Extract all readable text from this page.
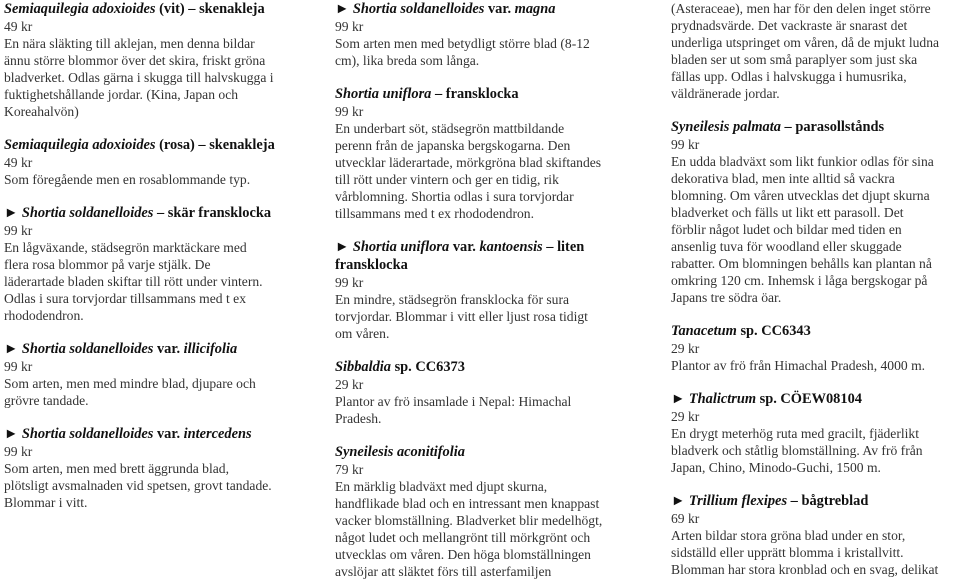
Semiaquilegia adoxioides (vit) – skenakleja
49 kr
En nära släkting till aklejan, men denna bildar
ännu större blommor över det skira, friskt gröna
bladverket. Odlas gärna i skugga till halvskugga i
fuktighetshållande jordar. (Kina, Japan och
Koreahalvön)
Semiaquilegia adoxioides (rosa) – skenakleja
49 kr
Som föregående men en rosablommande typ.
► Shortia soldanelloides – skär fransklocka
99 kr
En lågväxande, städsegrön marktäckare med
flera rosa blommor på varje stjälk. De
läderartade bladen skiftar till rött under vintern.
Odlas i sura torvjordar tillsammans med t ex
rhododendron.
► Shortia soldanelloides var. illicifolia
99 kr
Som arten, men med mindre blad, djupare och
grövre tandade.
► Shortia soldanelloides var. intercedens
99 kr
Som arten, men med brett äggrunda blad,
plötsligt avsmalnaden vid spetsen, grovt tandade.
Blommar i vitt.
► Shortia soldanelloides var. magna
99 kr
Som arten men med betydligt större blad (8-12
cm), lika breda som långa.
Shortia uniflora – fransklocka
99 kr
En underbart söt, städsegrön mattbildande
perenn från de japanska bergskogarna. Den
utvecklar läderartade, mörkgröna blad skiftandes
till rött under vintern och ger en tidig, rik
vårblomning. Shortia odlas i sura torvjordar
tillsammans med t ex rhododendron.
► Shortia uniflora var. kantoensis – liten
fransklocka
99 kr
En mindre, städsegrön fransklocka för sura
torvjordar. Blommar i vitt eller ljust rosa tidigt
om våren.
Sibbaldia sp. CC6373
29 kr
Plantor av frö insamlade i Nepal: Himachal
Pradesh.
Syneilesis aconitifolia
79 kr
En märklig bladväxt med djupt skurna,
handflikade blad och en intressant men knappast
vacker blomställning. Bladverket blir medelhögt,
något ludet och mellangrönt till mörkgrönt och
utvecklas om våren. Den höga blomställningen
avslöjar att släktet förs till asterfamiljen
(Asteraceae), men har för den delen inget större
prydnadsvärde. Det vackraste är snarast det
underliga utspringet om våren, då de mjukt ludna
bladen ser ut som små paraplyer som just ska
fällas upp. Odlas i halvskugga i humusrika,
väldränerade jordar.
Syneilesis palmata – parasollstånds
99 kr
En udda bladväxt som likt funkior odlas för sina
dekorativa blad, men inte alltid så vackra
blomning. Om våren utvecklas det djupt skurna
bladverket och fälls ut likt ett parasoll. Det
förblir något ludet och bildar med tiden en
ansenlig tuva för woodland eller skuggade
rabatter. Om blomningen behålls kan plantan nå
omkring 120 cm. Inhemsk i låga bergskogar på
Japans tre södra öar.
Tanacetum sp. CC6343
29 kr
Plantor av frö från Himachal Pradesh, 4000 m.
► Thalictrum sp. CÖEW08104
29 kr
En drygt meterhög ruta med gracilt, fjäderlikt
bladverk och ståtlig blomställning. Av frö från
Japan, Chino, Minodo-Guchi, 1500 m.
► Trillium flexipes – bågtreblad
69 kr
Arten bildar stora gröna blad under en stor,
sidställd eller upprätt blomma i kristallvitt.
Blomman har stora kronblad och en svag, delikat
